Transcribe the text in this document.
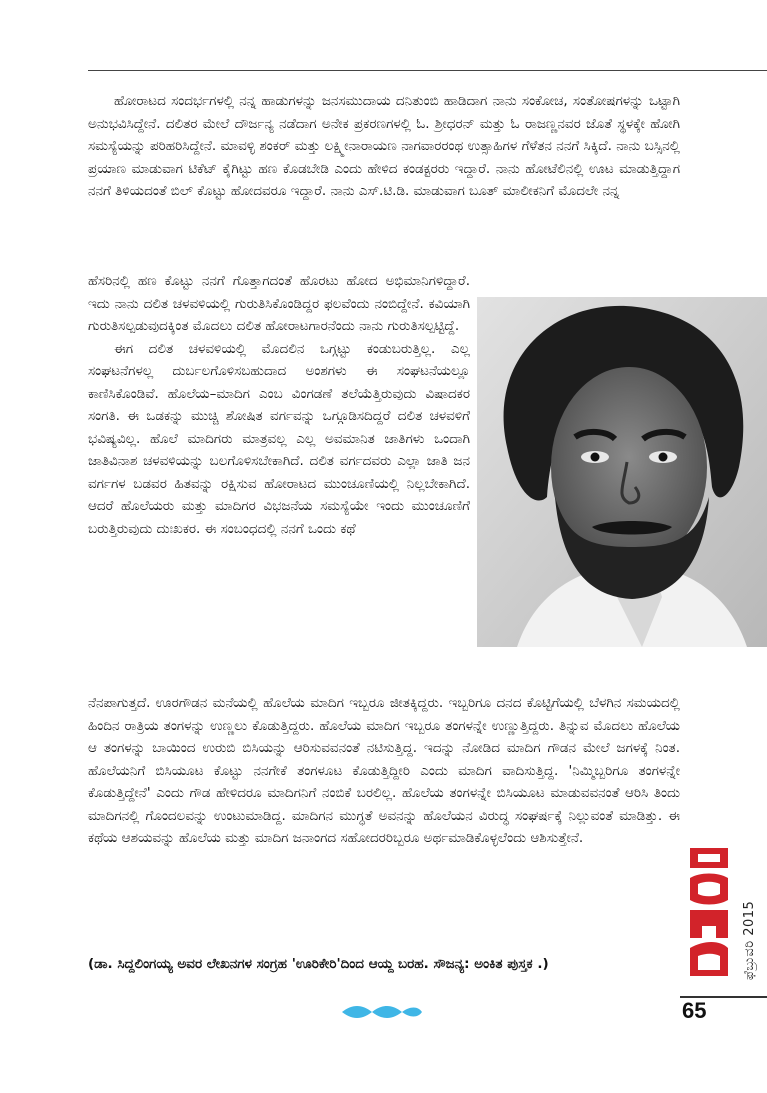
ಹೋರಾಟದ ಸಂದರ್ಭಗಳಲ್ಲಿ ನನ್ನ ಹಾಡುಗಳನ್ನು ಜನಸಮುದಾಯ ದನಿತುಂಬಿ ಹಾಡಿದಾಗ ನಾನು ಸಂಕೋಚ, ಸಂತೋಷಗಳನ್ನು ಒಟ್ಟಾಗಿ ಅನುಭವಿಸಿದ್ದೇನೆ. ದಲಿತರ ಮೇಲೆ ದೌರ್ಜನ್ಯ ನಡೆದಾಗ ಅನೇಕ ಪ್ರಕರಣಗಳಲ್ಲಿ ಓ. ಶ್ರೀಧರನ್ ಮತ್ತು ಓ ರಾಜಣ್ಣನವರ ಜೊತೆ ಸ್ಥಳಕ್ಕೇ ಹೋಗಿ ಸಮಸ್ಯೆಯನ್ನು ಪರಿಹರಿಸಿದ್ದೇನೆ. ಮಾವಳ್ಳಿ ಶಂಕರ್ ಮತ್ತು ಲಕ್ಷ್ಮೀನಾರಾಯಣ ನಾಗವಾರರಂಥ ಉತ್ಸಾಹಿಗಳ ಗೆಳೆತನ ನನಗೆ ಸಿಕ್ಕಿದೆ. ನಾನು ಬಸ್ಸಿನಲ್ಲಿ ಪ್ರಯಾಣ ಮಾಡುವಾಗ ಟಿಕೆಟ್ ಕೈಗಿಟ್ಟು ಹಣ ಕೊಡಬೇಡಿ ಎಂದು ಹೇಳಿದ ಕಂಡಕ್ಟರರು ಇದ್ದಾರೆ. ನಾನು ಹೋಟೆಲಿನಲ್ಲಿ ಊಟ ಮಾಡುತ್ತಿದ್ದಾಗ ನನಗೆ ತಿಳಿಯದಂತೆ ಬಿಲ್ ಕೊಟ್ಟು ಹೋದವರೂ ಇದ್ದಾರೆ. ನಾನು ಎಸ್.ಟಿ.ಡಿ. ಮಾಡುವಾಗ ಬೂತ್ ಮಾಲೀಕನಿಗೆ ಮೊದಲೇ ನನ್ನ

ಹೆಸರಿನಲ್ಲಿ ಹಣ ಕೊಟ್ಟು ನನಗೆ ಗೊತ್ತಾಗದಂತೆ ಹೊರಟು ಹೋದ ಅಭಿಮಾನಿಗಳಿದ್ದಾರೆ. ಇದು ನಾನು ದಲಿತ ಚಳವಳಿಯಲ್ಲಿ ಗುರುತಿಸಿಕೊಂಡಿದ್ದರ ಫಲವೆಂದು ನಂಬಿದ್ದೇನೆ. ಕವಿಯಾಗಿ ಗುರುತಿಸಲ್ಪಡುವುದಕ್ಕಿಂತ ಮೊದಲು ದಲಿತ ಹೋರಾಟಗಾರನೆಂದು ನಾನು ಗುರುತಿಸಲ್ಪಟ್ಟಿದ್ದೆ.

ಈಗ ದಲಿತ ಚಳವಳಿಯಲ್ಲಿ ಮೊದಲಿನ ಒಗ್ಗಟ್ಟು ಕಂಡುಬರುತ್ತಿಲ್ಲ. ಎಲ್ಲ ಸಂಘಟನೆಗಳಲ್ಲ ದುರ್ಬಲಗೊಳಿಸಬಹುದಾದ ಅಂಶಗಳು ಈ ಸಂಘಟನೆಯಲ್ಲೂ ಕಾಣಿಸಿಕೊಂಡಿವೆ. ಹೊಲೆಯ–ಮಾದಿಗ ಎಂಬ ವಿಂಗಡಣೆ ತಲೆಯೆತ್ತಿರುವುದು ವಿಷಾದಕರ ಸಂಗತಿ. ಈ ಒಡಕನ್ನು ಮುಚ್ಚಿ ಶೋಷಿತ ವರ್ಗವನ್ನು ಒಗ್ಗೂಡಿಸದಿದ್ದರೆ ದಲಿತ ಚಳವಳಿಗೆ ಭವಿಷ್ಯವಿಲ್ಲ. ಹೊಲೆ ಮಾದಿಗರು ಮಾತ್ರವಲ್ಲ ಎಲ್ಲ ಅವಮಾನಿತ ಜಾತಿಗಳು ಒಂದಾಗಿ ಜಾತಿವಿನಾಶ ಚಳವಳಿಯನ್ನು ಬಲಗೊಳಿಸಬೇಕಾಗಿದೆ. ದಲಿತ ವರ್ಗದವರು ಎಲ್ಲಾ ಜಾತಿ ಜನ ವರ್ಗಗಳ ಬಡವರ ಹಿತವನ್ನು ರಕ್ಷಿಸುವ ಹೋರಾಟದ ಮುಂಚೂಣಿಯಲ್ಲಿ ನಿಲ್ಲಬೇಕಾಗಿದೆ. ಆದರೆ ಹೊಲೆಯರು ಮತ್ತು ಮಾದಿಗರ ವಿಭಜನೆಯ ಸಮಸ್ಯೆಯೇ ಇಂದು ಮುಂಚೂಣಿಗೆ ಬರುತ್ತಿರುವುದು ದುಃಖಕರ. ಈ ಸಂಬಂಧದಲ್ಲಿ ನನಗೆ ಒಂದು ಕಥೆ

ನೆನಪಾಗುತ್ತದೆ. ಊರಗೌಡನ ಮನೆಯಲ್ಲಿ ಹೊಲೆಯ ಮಾದಿಗ ಇಬ್ಬರೂ ಜೀತಕ್ಕಿದ್ದರು. ಇಬ್ಬರಿಗೂ ದನದ ಕೊಟ್ಟಿಗೆಯಲ್ಲಿ ಬೆಳಗಿನ ಸಮಯದಲ್ಲಿ ಹಿಂದಿನ ರಾತ್ರಿಯ ತಂಗಳನ್ನು ಉಣ್ಣಲು ಕೊಡುತ್ತಿದ್ದರು. ಹೊಲೆಯ ಮಾದಿಗ ಇಬ್ಬರೂ ತಂಗಳನ್ನೇ ಉಣ್ಣುತ್ತಿದ್ದರು. ತಿನ್ನುವ ಮೊದಲು ಹೊಲೆಯ ಆ ತಂಗಳನ್ನು ಬಾಯಿಂದ ಉರುಬಿ ಬಿಸಿಯನ್ನು ಆರಿಸುವವನಂತೆ ನಟಿಸುತ್ತಿದ್ದ. ಇದನ್ನು ನೋಡಿದ ಮಾದಿಗ ಗೌಡನ ಮೇಲೆ ಜಗಳಕ್ಕೆ ನಿಂತ. ಹೊಲೆಯನಿಗೆ ಬಿಸಿಯೂಟ ಕೊಟ್ಟು ನನಗೇಕೆ ತಂಗಳೂಟ ಕೊಡುತ್ತಿದ್ದೀರಿ ಎಂದು ಮಾದಿಗ ವಾದಿಸುತ್ತಿದ್ದ. 'ನಿಮ್ಮಿಬ್ಬರಿಗೂ ತಂಗಳನ್ನೇ ಕೊಡುತ್ತಿದ್ದೇನೆ' ಎಂದು ಗೌಡ ಹೇಳಿದರೂ ಮಾದಿಗನಿಗೆ ನಂಬಿಕೆ ಬರಲಿಲ್ಲ. ಹೊಲೆಯ ತಂಗಳನ್ನೇ ಬಿಸಿಯೂಟ ಮಾಡುವವನಂತೆ ಆರಿಸಿ ತಿಂದು ಮಾದಿಗನಲ್ಲಿ ಗೊಂದಲವನ್ನು ಉಂಟುಮಾಡಿದ್ದ. ಮಾದಿಗನ ಮುಗ್ಧತೆ ಅವನನ್ನು ಹೊಲೆಯನ ವಿರುದ್ಧ ಸಂಘರ್ಷಕ್ಕೆ ನಿಲ್ಲುವಂತೆ ಮಾಡಿತ್ತು. ಈ ಕಥೆಯ ಆಶಯವನ್ನು ಹೊಲೆಯ ಮತ್ತು ಮಾದಿಗ ಜನಾಂಗದ ಸಹೋದರರಿಬ್ಬರೂ ಅರ್ಥಮಾಡಿಕೊಳ್ಳಲೆಂದು ಆಶಿಸುತ್ತೇನೆ.

(ಡಾ. ಸಿದ್ದಲಿಂಗಯ್ಯ ಅವರ ಲೇಖನಗಳ ಸಂಗ್ರಹ 'ಊರಿಕೇರಿ'ದಿಂದ ಆಯ್ದ ಬರಹ. ಸೌಜನ್ಯ: ಅಂಕಿತ ಪುಸ್ತಕ .)	ಫೆಬ್ರುವರಿ 2015
ಮಯೂರ
65
